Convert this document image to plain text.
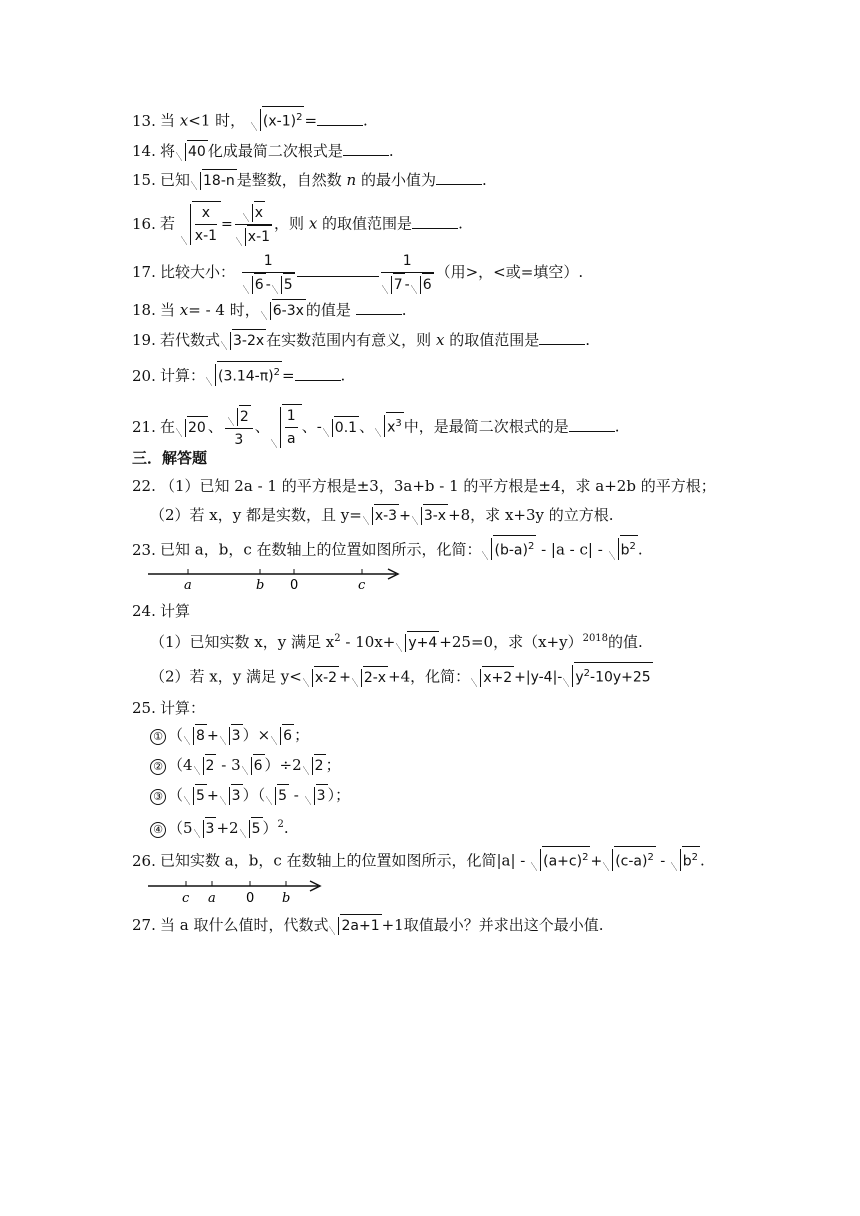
13. 当 x<1 时， $(x-1)^2$ =	.
14. 将 40 化成最简二次根式是	.
15. 已知 18-n 是整数，自然数 n 的最小值为	.
16. 若 $\frac{x}{x-1} = \frac{x}{x-1}$ ，则 x 的取值范围是	.
17. 比较大小： $\frac{1}{6 - 5}$	$\frac{1}{7 - 6}$ （用>，<或=填空）.
18. 当 x= - 4 时， 6-3x 的值是	.
19. 若代数式 3-2x 在实数范围内有意义，则 x 的取值范围是	.
20. 计算： $(3.14-\pi)^2$ =	.
21. 在 20 、 $\frac{2}{3}$ 、 $\frac{1}{a}$ 、- 0.1 、 $x^3$ 中，是最简二次根式的是	.
三．解答题
22. （1）已知 2a - 1 的平方根是±3，3a+b - 1 的平方根是±4，求 a+2b 的平方根；
（2）若 x，y 都是实数，且 y= x-3 + 3-x +8，求 x+3y 的立方根.
23. 已知 a，b，c 在数轴上的位置如图所示，化简： $(b-a)^2 - |a - c| - b^2$ .
a	b 0	c
24. 计算
（1）已知实数 x，y 满足 $x^2 - 10x+ y+4 +25=0$，求$(x+y)^{2018}$的值.
（2）若 x，y 满足 y< x-2 + 2-x +4，化简： x+2 +|y-4|- $y^2-10y+25$
25. 计算：
① （ 8 + 3 ）× 6 ；
② （4 2 - 3 6 ）÷2 2 ；
③ （ 5 + 3 ）（ 5 - 3 ）；
④ （5 3 +2 5 ）$^2$.
26. 已知实数 a，b，c 在数轴上的位置如图所示，化简$|a| - (a+c)^2 + (c-a)^2 - b^2$ .
c a 0 b
27. 当 a 取什么值时，代数式 2a+1 +1取值最小？并求出这个最小值.
